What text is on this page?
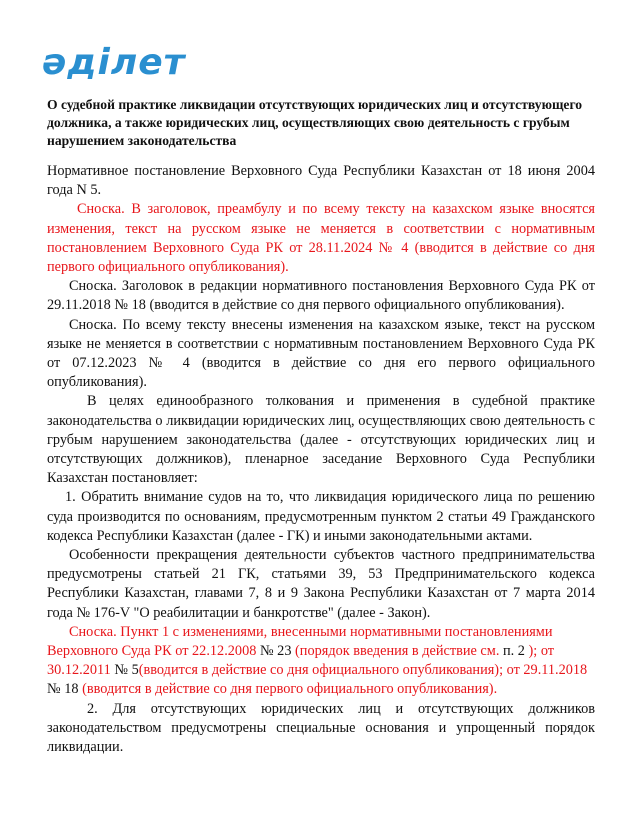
әділет
О судебной практике ликвидации отсутствующих юридических лиц и отсутствующего должника, а также юридических лиц, осуществляющих свою деятельность с грубым нарушением законодательства

Нормативное постановление Верховного Суда Республики Казахстан от 18 июня 2004 года N 5.

Сноска. В заголовок, преамбулу и по всему тексту на казахском языке вносятся изменения, текст на русском языке не меняется в соответствии с нормативным постановлением Верховного Суда РК от 28.11.2024 № 4 (вводится в действие со дня первого официального опубликования).

Сноска. Заголовок в редакции нормативного постановления Верховного Суда РК от 29.11.2018 № 18 (вводится в действие со дня первого официального опубликования).

Сноска. По всему тексту внесены изменения на казахском языке, текст на русском языке не меняется в соответствии с нормативным постановлением Верховного Суда РК от 07.12.2023 № 4 (вводится в действие со дня его первого официального опубликования).

В целях единообразного толкования и применения в судебной практике законодательства о ликвидации юридических лиц, осуществляющих свою деятельность с грубым нарушением законодательства (далее - отсутствующих юридических лиц и отсутствующих должников), пленарное заседание Верховного Суда Республики Казахстан постановляет:

1. Обратить внимание судов на то, что ликвидация юридического лица по решению суда производится по основаниям, предусмотренным пунктом 2 статьи 49 Гражданского кодекса Республики Казахстан (далее - ГК) и иными законодательными актами.

Особенности прекращения деятельности субъектов частного предпринимательства предусмотрены статьей 21 ГК, статьями 39, 53 Предпринимательского кодекса Республики Казахстан, главами 7, 8 и 9 Закона Республики Казахстан от 7 марта 2014 года № 176-V "О реабилитации и банкротстве" (далее - Закон).

Сноска. Пункт 1 с изменениями, внесенными нормативными постановлениями Верховного Суда РК от 22.12.2008 № 23 (порядок введения в действие см. п. 2 ); от 30.12.2011 № 5(вводится в действие со дня официального опубликования); от 29.11.2018 № 18 (вводится в действие со дня первого официального опубликования).

2. Для отсутствующих юридических лиц и отсутствующих должников законодательством предусмотрены специальные основания и упрощенный порядок ликвидации.
